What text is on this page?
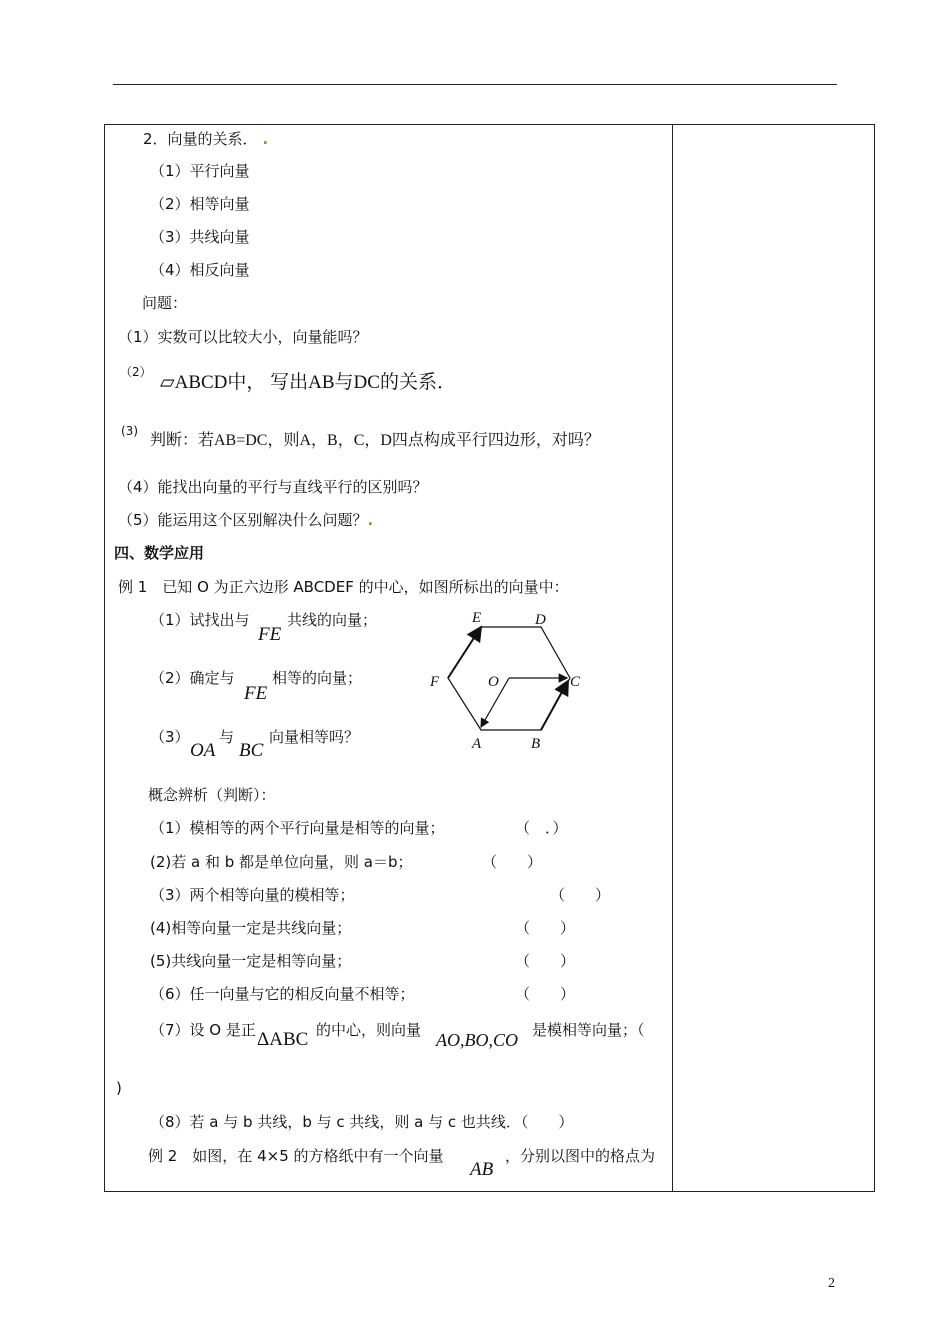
2．向量的关系． .
（1）平行向量
（2）相等向量
（3）共线向量
（4）相反向量
问题：
（1）实数可以比较大小，向量能吗？
（2） ▱ABCD中， 写出AB与DC的关系．
(3)
判断：若AB=DC，则A，B，C，D四点构成平行四边形，对吗？
（4）能找出向量的平行与直线平行的区别吗？
（5）能运用这个区别解决什么问题？.
四、数学应用
例 1　已知 O 为正六边形 ABCDEF 的中心，如图所标出的向量中：
（1）试找出与
FE
共线的向量；
（2）确定与
FE
相等的向量；
（3）
OA
与
BC
向量相等吗？
E	D
F	O	C
A	B
概念辨析（判断）：
（1）模相等的两个平行向量是相等的向量；	（　．）
(2)若 a 和 b 都是单位向量，则 a＝b；	（　　）
（3）两个相等向量的模相等；	（　　）
(4)相等向量一定是共线向量；	（　　）
(5)共线向量一定是相等向量；	（　　）
（6）任一向量与它的相反向量不相等；	（　　）
（7）设 O 是正 ΔABC 的中心，则向量 AO,BO,CO 是模相等向量；（
)
（8）若 a 与 b 共线，b 与 c 共线，则 a 与 c 也共线．（　　）
例 2　如图，在 4×5 的方格纸中有一个向量
AB
，分别以图中的格点为
2
